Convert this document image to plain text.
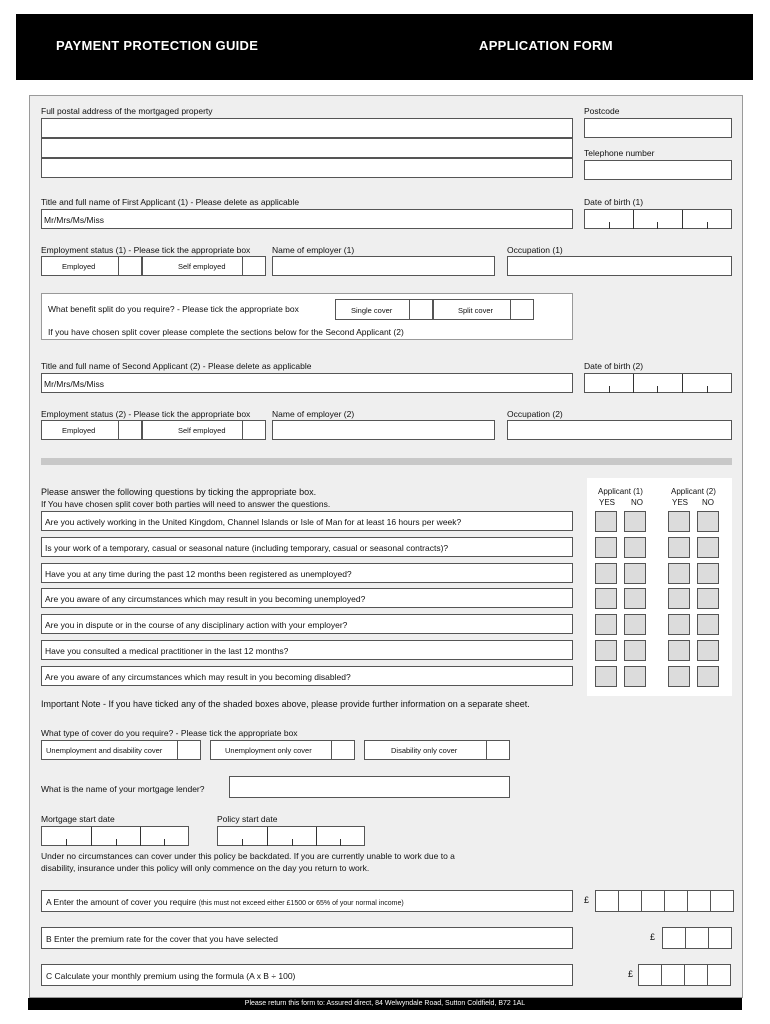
PAYMENT PROTECTION GUIDE	APPLICATION FORM
Full postal address of the mortgaged property	Postcode
Telephone number
Title and full name of First Applicant (1) - Please delete as applicable
Mr/Mrs/Ms/Miss
Date of birth (1)
Employment status (1) - Please tick the appropriate box
Employed	Self employed
Name of employer (1)	Occupation (1)
What benefit split do you require? - Please tick the appropriate box	Single cover	Split cover
If you have chosen split cover please complete the sections below for the Second Applicant (2)
Title and full name of Second Applicant (2) - Please delete as applicable
Mr/Mrs/Ms/Miss
Date of birth (2)
Employment status (2) - Please tick the appropriate box
Employed	Self employed
Name of employer (2)	Occupation (2)
Please answer the following questions by ticking the appropriate box.
If You have chosen split cover both parties will need to answer the questions.
Applicant (1)	Applicant (2)
YES NO	YES NO
Are you actively working in the United Kingdom, Channel Islands or Isle of Man for at least 16 hours per week?
Is your work of a temporary, casual or seasonal nature (including temporary, casual or seasonal contracts)?
Have you at any time during the past 12 months been registered as unemployed?
Are you aware of any circumstances which may result in you becoming unemployed?
Are you in dispute or in the course of any disciplinary action with your employer?
Have you consulted a medical practitioner in the last 12 months?
Are you aware of any circumstances which may result in you becoming disabled?
Important Note - If you have ticked any of the shaded boxes above, please provide further information on a separate sheet.
What type of cover do you require? - Please tick the appropriate box
Unemployment and disability cover	Unemployment only cover	Disability only cover
What is the name of your mortgage lender?
Mortgage start date	Policy start date
Under no circumstances can cover under this policy be backdated. If you are currently unable to work due to a
disability, insurance under this policy will only commence on the day you return to work.
A Enter the amount of cover you require (this must not exceed either £1500 or 65% of your normal income)	£
B Enter the premium rate for the cover that you have selected	£
C Calculate your monthly premium using the formula (A x B ÷ 100)	£
Please return this form to: Assured direct, 84 Welwyndale Road, Sutton Coldfield, B72 1AL
